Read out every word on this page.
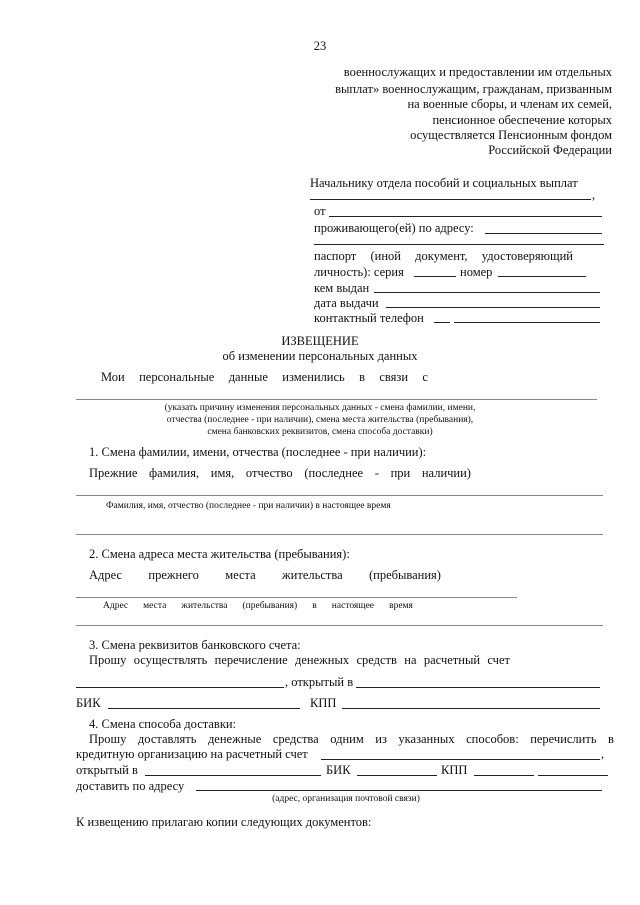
23
военнослужащих и предоставлении им отдельных
выплат» военнослужащим, гражданам, призванным
на военные сборы, и членам их семей,
пенсионное обеспечение которых
осуществляется Пенсионным фондом
Российской Федерации
Начальнику отдела пособий и социальных выплат
,
от
проживающего(ей) по адресу:
паспорт (иной документ, удостоверяющий
личность): серия	номер
кем выдан
дата выдачи
контактный телефон
ИЗВЕЩЕНИЕ
об изменении персональных данных
Мои персональные данные изменились в связи с
(указать причину изменения персональных данных - смена фамилии, имени,
отчества (последнее - при наличии), смена места жительства (пребывания),
смена банковских реквизитов, смена способа доставки)
1. Смена фамилии, имени, отчества (последнее - при наличии):
Прежние фамилия, имя, отчество (последнее - при наличии)
Фамилия, имя, отчество (последнее - при наличии) в настоящее время
2. Смена адреса места жительства (пребывания):
Адрес прежнего места жительства (пребывания)
Адрес места жительства (пребывания) в настоящее время
3. Смена реквизитов банковского счета:
Прошу осуществлять перечисление денежных средств на расчетный счет
, открытый в
БИК	КПП
4. Смена способа доставки:
Прошу доставлять денежные средства одним из указанных способов: перечислить в
кредитную организацию на расчетный счет	,
открытый в	БИК	КПП
доставить по адресу
(адрес, организация почтовой связи)
К извещению прилагаю копии следующих документов:
